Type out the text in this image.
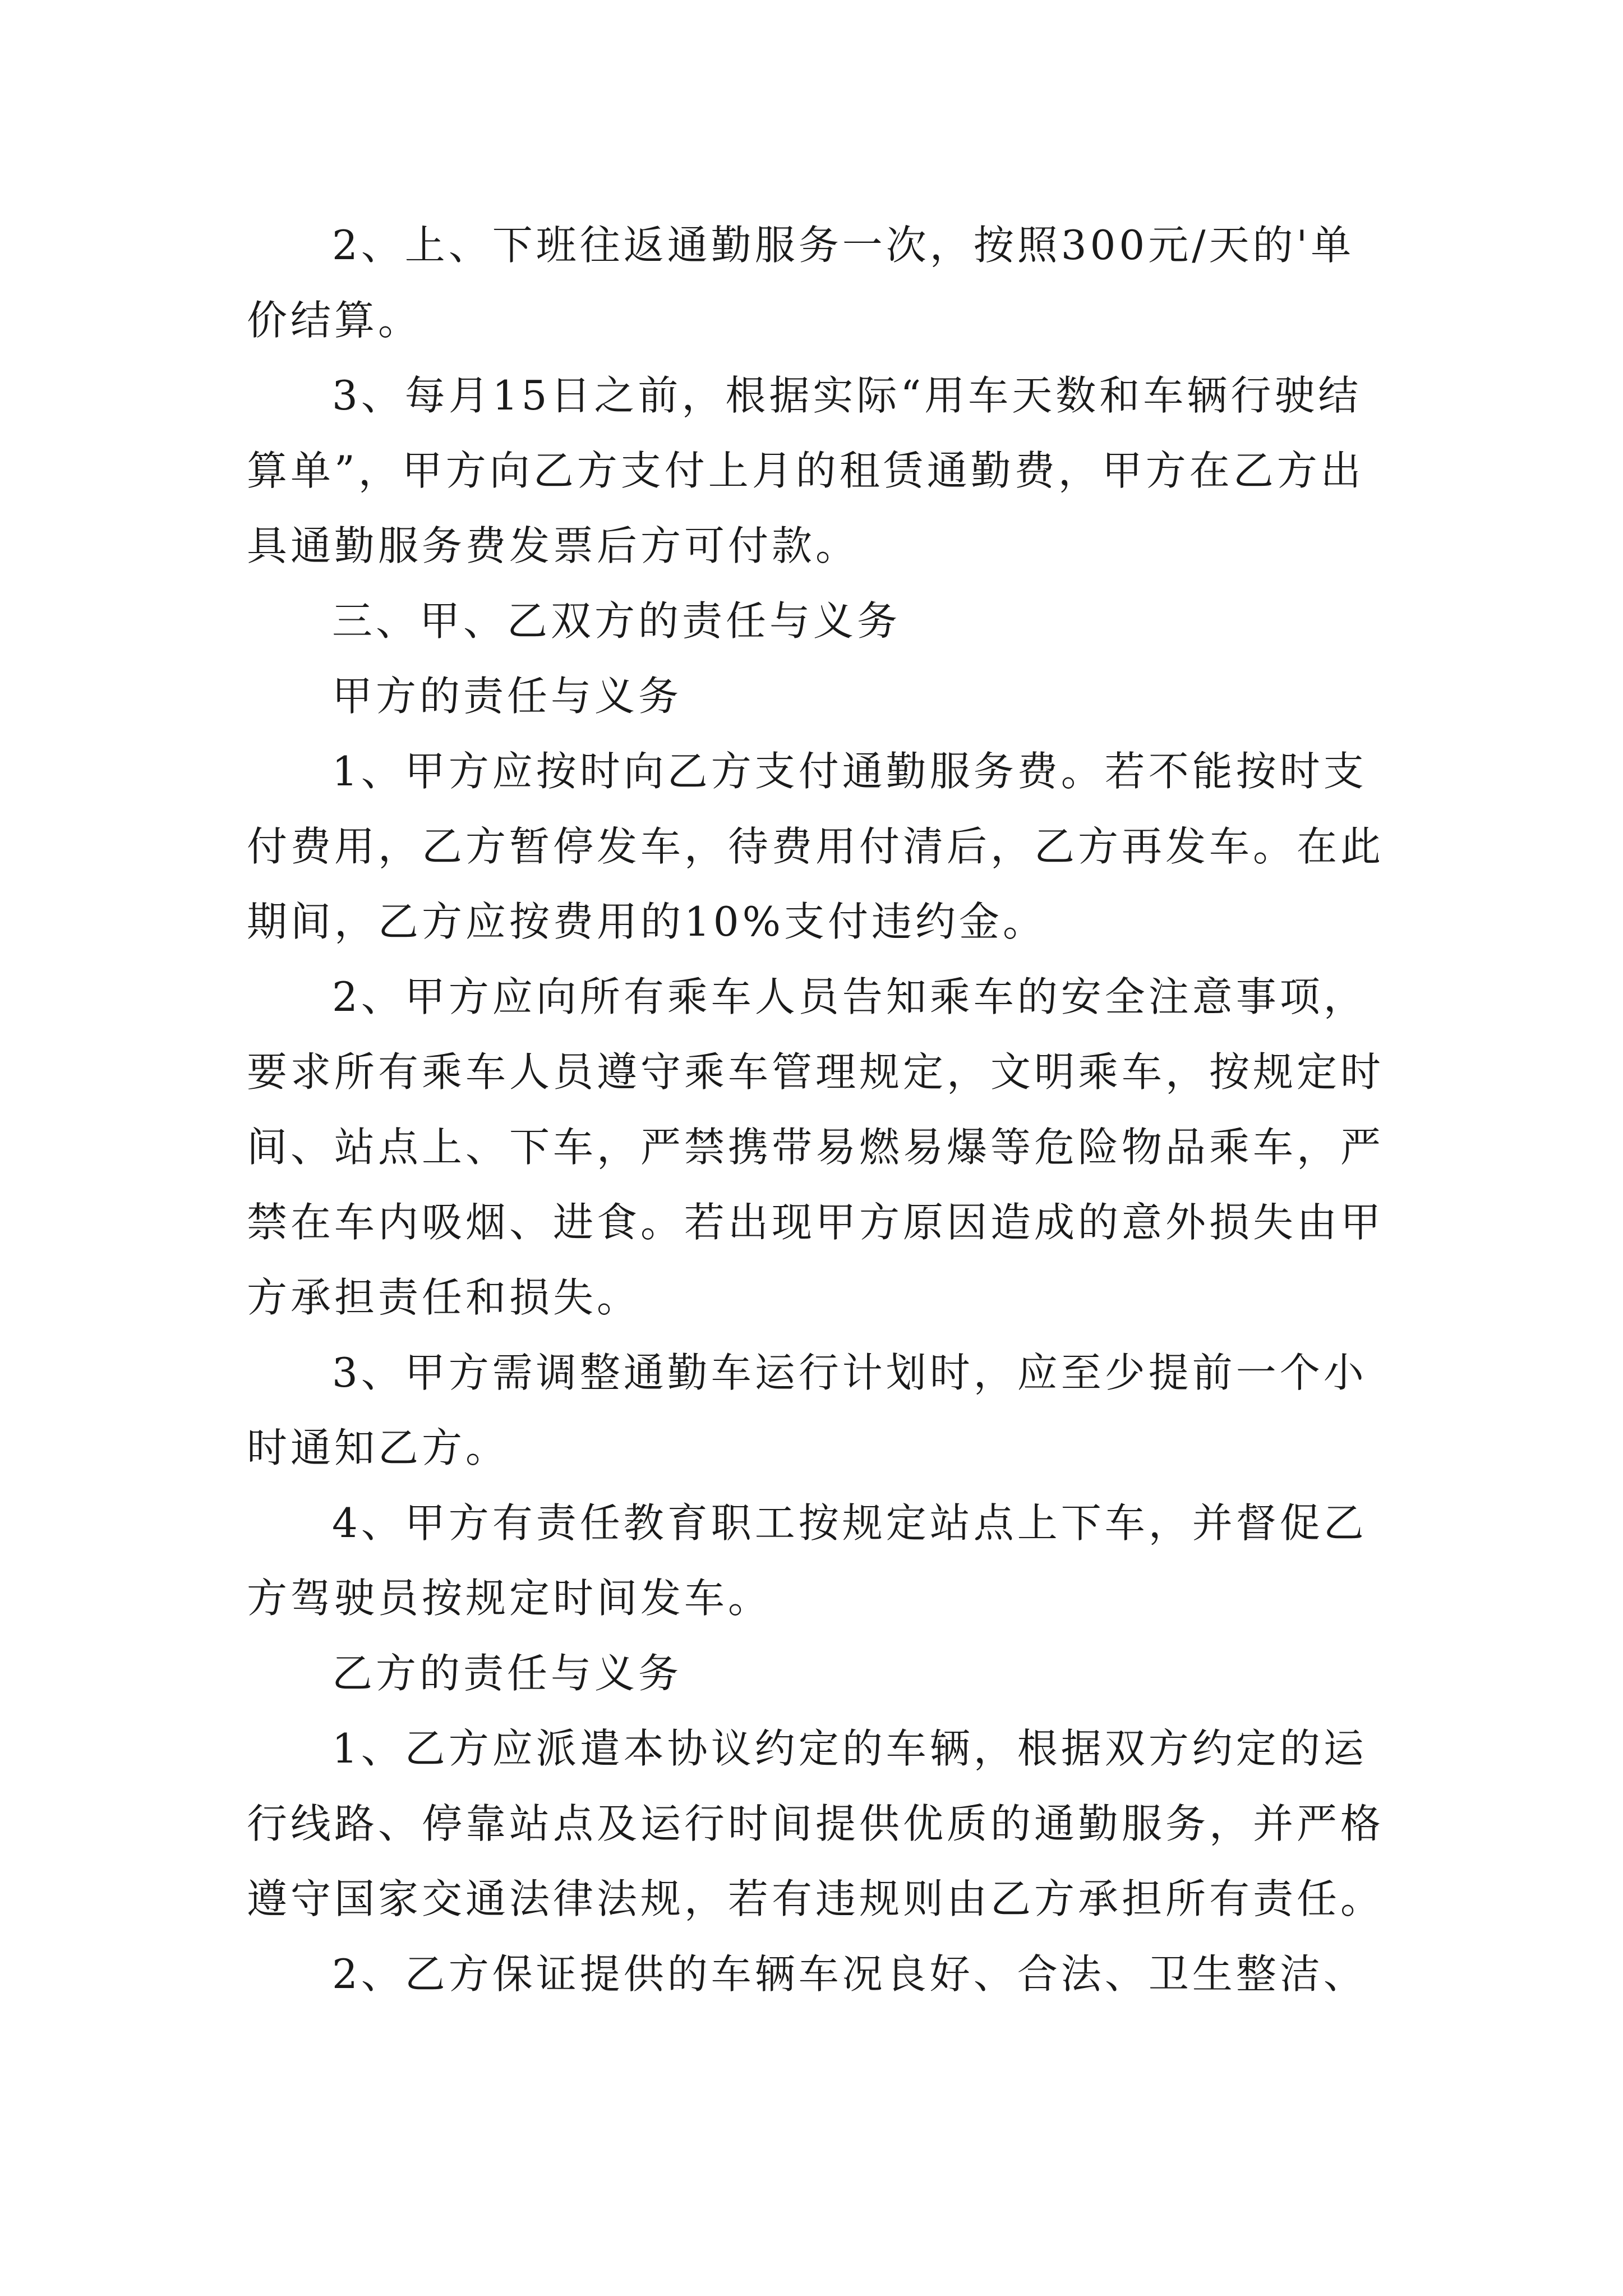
2、上、下班往返通勤服务一次，按照300元/天的'单
价结算。
3、每月15日之前，根据实际“用车天数和车辆行驶结
算单”，甲方向乙方支付上月的租赁通勤费，甲方在乙方出
具通勤服务费发票后方可付款。
三、甲、乙双方的责任与义务
甲方的责任与义务
1、甲方应按时向乙方支付通勤服务费。若不能按时支
付费用，乙方暂停发车，待费用付清后，乙方再发车。在此
期间，乙方应按费用的10%支付违约金。
2、甲方应向所有乘车人员告知乘车的安全注意事项，
要求所有乘车人员遵守乘车管理规定，文明乘车，按规定时
间、站点上、下车，严禁携带易燃易爆等危险物品乘车，严
禁在车内吸烟、进食。若出现甲方原因造成的意外损失由甲
方承担责任和损失。
3、甲方需调整通勤车运行计划时，应至少提前一个小
时通知乙方。
4、甲方有责任教育职工按规定站点上下车，并督促乙
方驾驶员按规定时间发车。
乙方的责任与义务
1、乙方应派遣本协议约定的车辆，根据双方约定的运
行线路、停靠站点及运行时间提供优质的通勤服务，并严格
遵守国家交通法律法规，若有违规则由乙方承担所有责任。
2、乙方保证提供的车辆车况良好、合法、卫生整洁、
